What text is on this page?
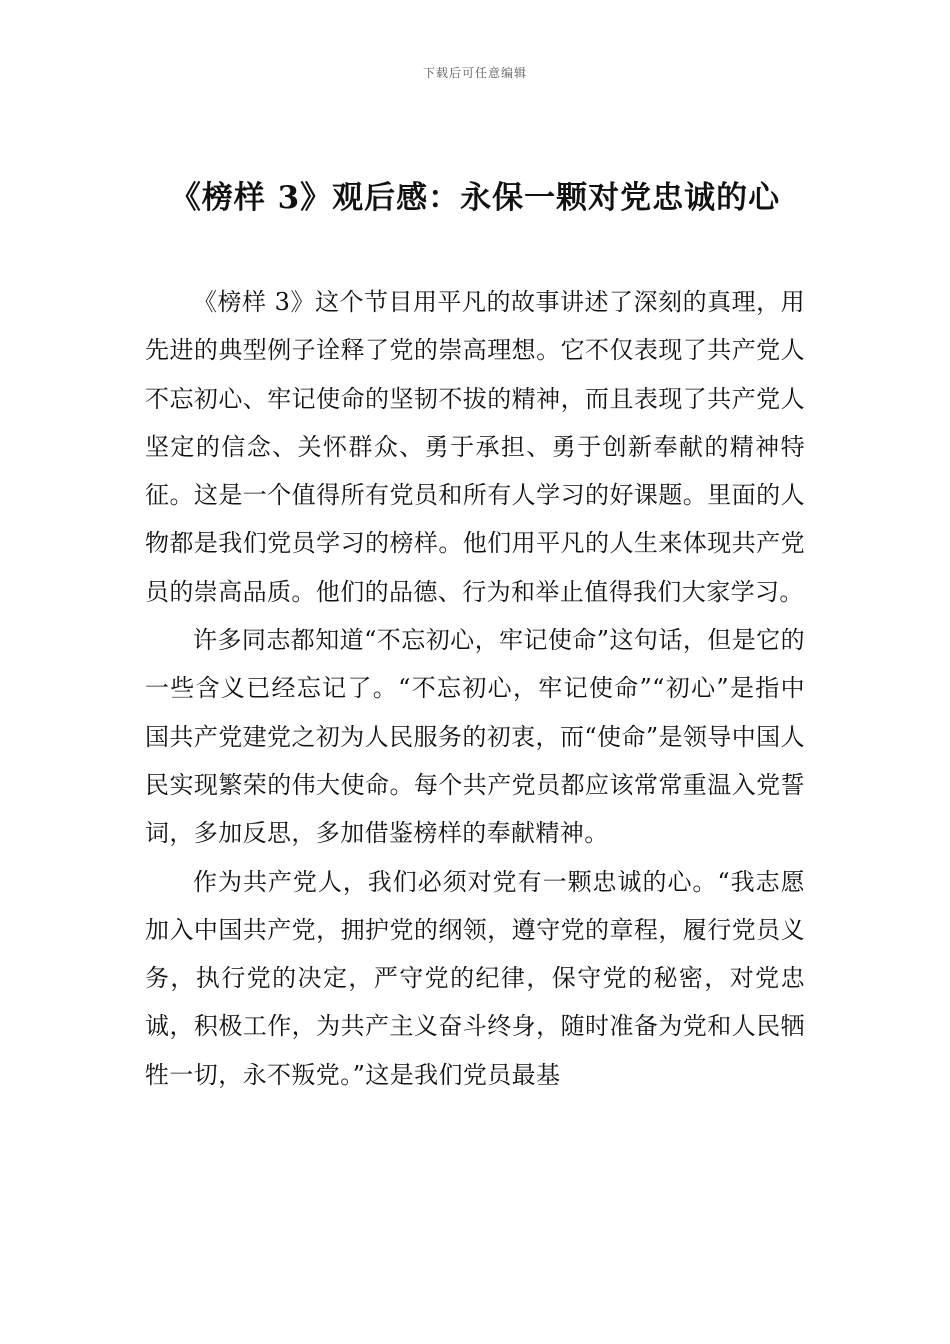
下载后可任意编辑
《榜样 3》观后感：永保一颗对党忠诚的心

《榜样 3》这个节目用平凡的故事讲述了深刻的真理，用先进的典型例子诠释了党的崇高理想。它不仅表现了共产党人不忘初心、牢记使命的坚韧不拔的精神，而且表现了共产党人坚定的信念、关怀群众、勇于承担、勇于创新奉献的精神特征。这是一个值得所有党员和所有人学习的好课题。里面的人物都是我们党员学习的榜样。他们用平凡的人生来体现共产党员的崇高品质。他们的品德、行为和举止值得我们大家学习。

许多同志都知道“不忘初心，牢记使命”这句话，但是它的一些含义已经忘记了。“不忘初心，牢记使命”“初心”是指中国共产党建党之初为人民服务的初衷，而“使命”是领导中国人民实现繁荣的伟大使命。每个共产党员都应该常常重温入党誓词，多加反思，多加借鉴榜样的奉献精神。

作为共产党人，我们必须对党有一颗忠诚的心。“我志愿加入中国共产党，拥护党的纲领，遵守党的章程，履行党员义务，执行党的决定，严守党的纪律，保守党的秘密，对党忠诚，积极工作，为共产主义奋斗终身，随时准备为党和人民牺牲一切，永不叛党。”这是我们党员最基
